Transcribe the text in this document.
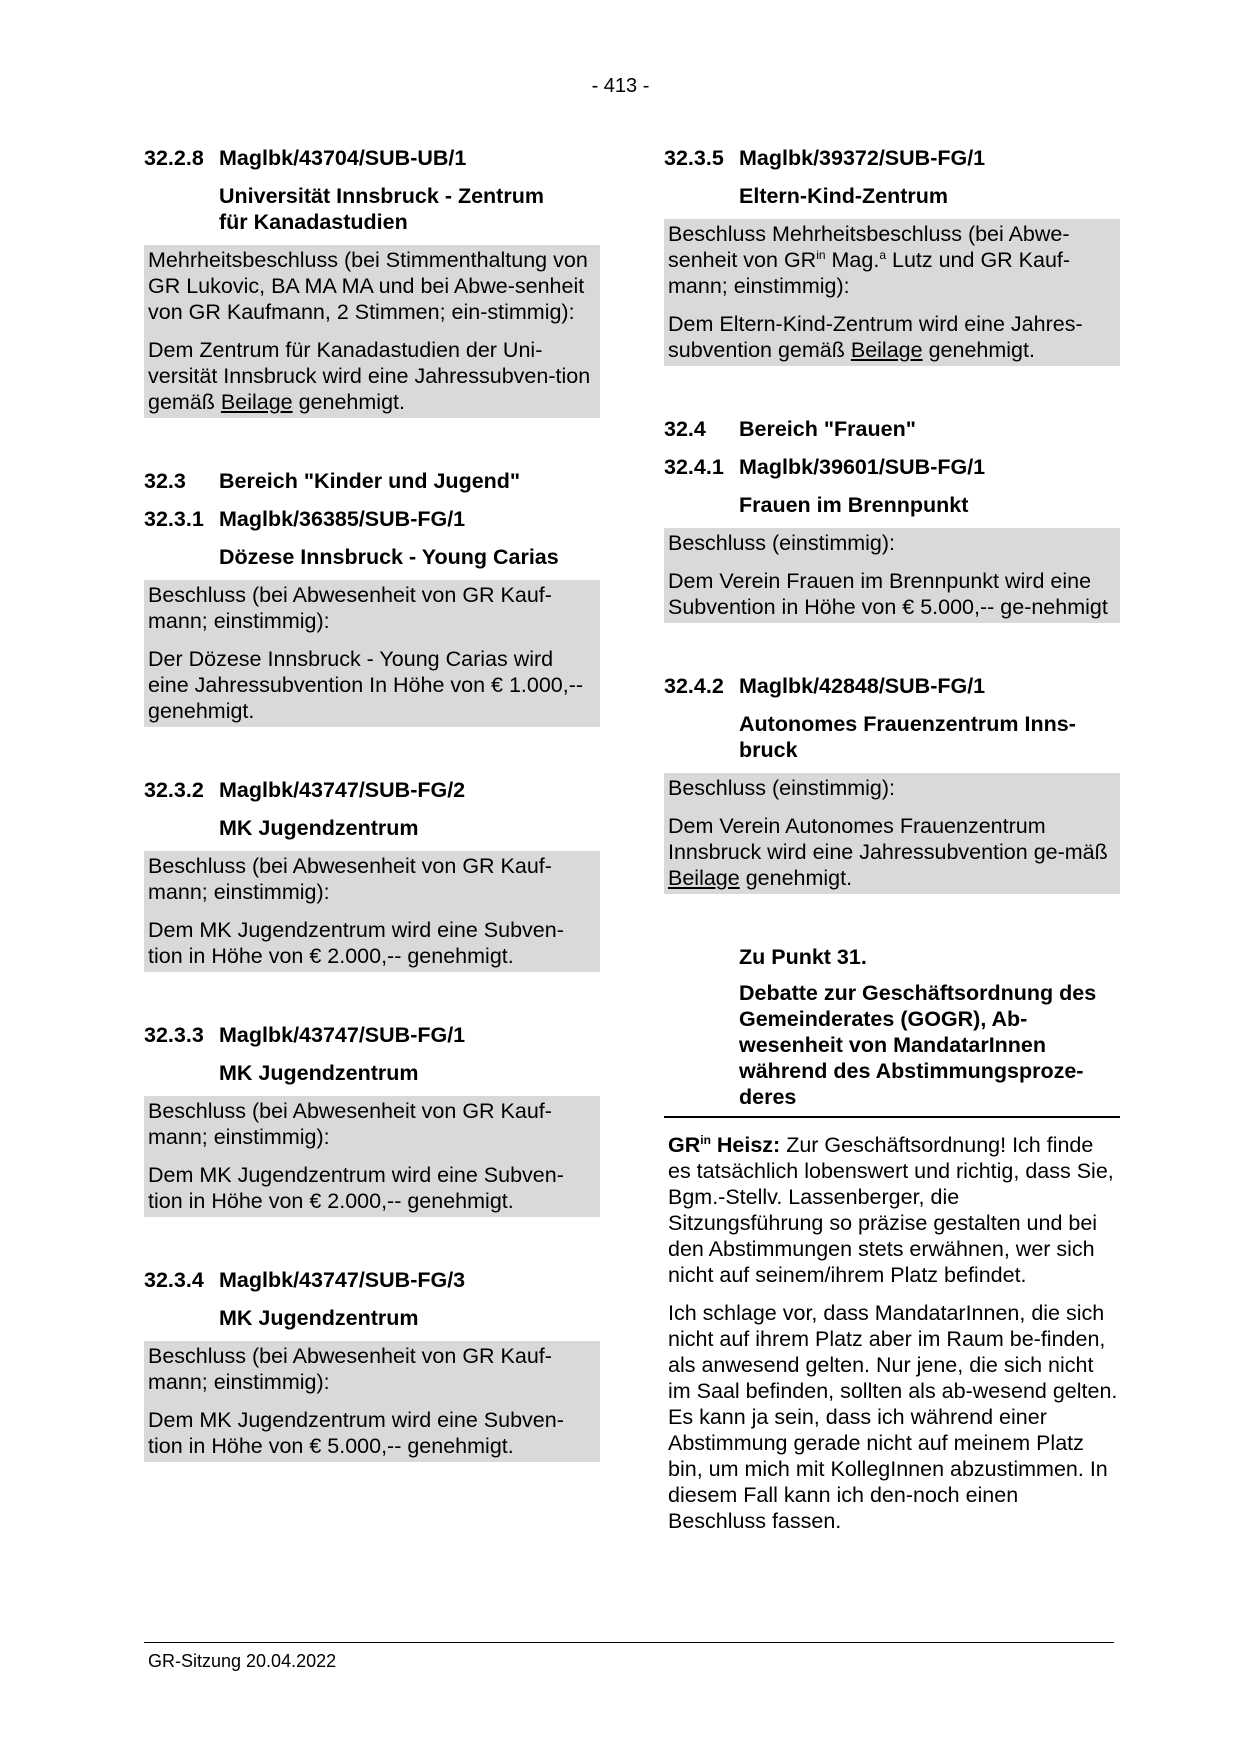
- 413 -
32.2.8 Maglbk/43704/SUB-UB/1
Universität Innsbruck - Zentrum
für Kanadastudien

Mehrheitsbeschluss (bei Stimmenthaltung von GR Lukovic, BA MA MA und bei Abwe-senheit von GR Kaufmann, 2 Stimmen; ein-stimmig):

Dem Zentrum für Kanadastudien der Uni-versität Innsbruck wird eine Jahressubven-tion gemäß Beilage genehmigt.

32.3	Bereich "Kinder und Jugend"
32.3.1 Maglbk/36385/SUB-FG/1
Dözese Innsbruck - Young Carias

Beschluss (bei Abwesenheit von GR Kauf-mann; einstimmig):

Der Dözese Innsbruck - Young Carias wird eine Jahressubvention In Höhe von € 1.000,-- genehmigt.

32.3.2 Maglbk/43747/SUB-FG/2
MK Jugendzentrum

Beschluss (bei Abwesenheit von GR Kauf-mann; einstimmig):

Dem MK Jugendzentrum wird eine Subven-tion in Höhe von € 2.000,-- genehmigt.

32.3.3 Maglbk/43747/SUB-FG/1
MK Jugendzentrum

Beschluss (bei Abwesenheit von GR Kauf-mann; einstimmig):

Dem MK Jugendzentrum wird eine Subven-tion in Höhe von € 2.000,-- genehmigt.

32.3.4 Maglbk/43747/SUB-FG/3
MK Jugendzentrum

Beschluss (bei Abwesenheit von GR Kauf-mann; einstimmig):

Dem MK Jugendzentrum wird eine Subven-tion in Höhe von € 5.000,-- genehmigt.

32.3.5 Maglbk/39372/SUB-FG/1
Eltern-Kind-Zentrum

Beschluss Mehrheitsbeschluss (bei Abwe-senheit von $GR^{in}$ Mag.$^a$ Lutz und GR Kauf-mann; einstimmig):

Dem Eltern-Kind-Zentrum wird eine Jahres-subvention gemäß Beilage genehmigt.

32.4	Bereich "Frauen"
32.4.1 Maglbk/39601/SUB-FG/1
Frauen im Brennpunkt

Beschluss (einstimmig):

Dem Verein Frauen im Brennpunkt wird eine Subvention in Höhe von € 5.000,-- ge-nehmigt

32.4.2 Maglbk/42848/SUB-FG/1
Autonomes Frauenzentrum Inns-bruck

Beschluss (einstimmig):

Dem Verein Autonomes Frauenzentrum Innsbruck wird eine Jahressubvention ge-mäß Beilage genehmigt.

Zu Punkt 31.
Debatte zur Geschäftsordnung des Gemeinderates (GOGR), Ab-wesenheit von MandatarInnen während des Abstimmungsproze-deres

$GR^{in}$ Heisz: Zur Geschäftsordnung! Ich finde es tatsächlich lobenswert und richtig, dass Sie, Bgm.-Stellv. Lassenberger, die Sitzungsführung so präzise gestalten und bei den Abstimmungen stets erwähnen, wer sich nicht auf seinem/ihrem Platz befindet.

Ich schlage vor, dass MandatarInnen, die sich nicht auf ihrem Platz aber im Raum be-finden, als anwesend gelten. Nur jene, die sich nicht im Saal befinden, sollten als ab-wesend gelten. Es kann ja sein, dass ich während einer Abstimmung gerade nicht auf meinem Platz bin, um mich mit KollegInnen abzustimmen. In diesem Fall kann ich den-noch einen Beschluss fassen.

GR-Sitzung 20.04.2022
